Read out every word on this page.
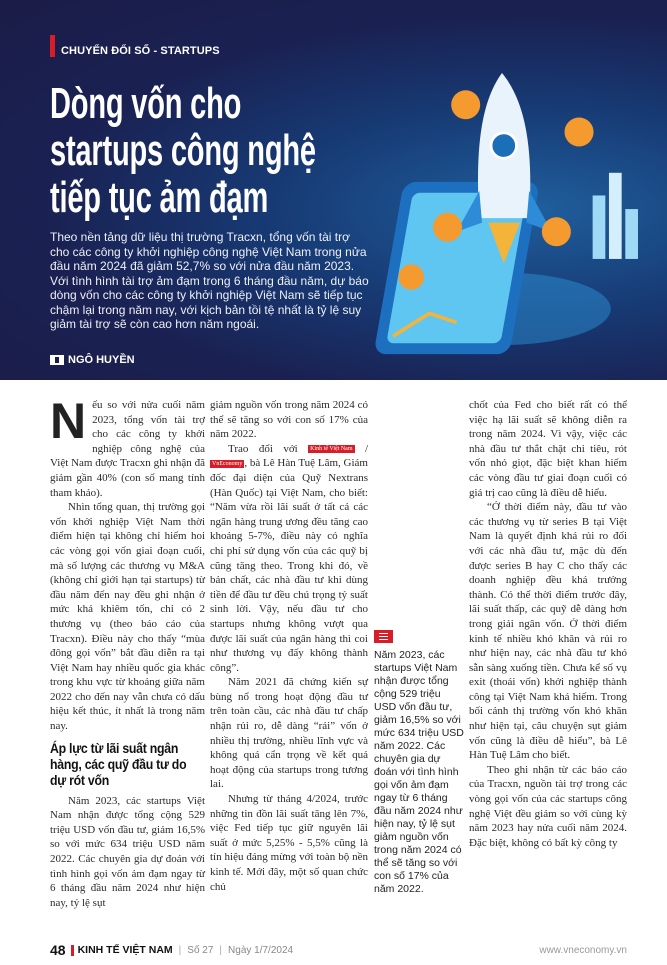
CHUYỂN ĐỔI SỐ - STARTUPS
Dòng vốn cho startups công nghệ tiếp tục ảm đạm

Theo nền tảng dữ liệu thị trường Tracxn, tổng vốn tài trợ cho các công ty khởi nghiệp công nghệ Việt Nam trong nửa đầu năm 2024 đã giảm 52,7% so với nửa đầu năm 2023. Với tình hình tài trợ ảm đạm trong 6 tháng đầu năm, dự báo dòng vốn cho các công ty khởi nghiệp Việt Nam sẽ tiếp tục chậm lại trong năm nay, với kịch bản tồi tệ nhất là tỷ lệ suy giảm tài trợ sẽ còn cao hơn năm ngoái.

NGÔ HUYỀN

Nếu so với nửa cuối năm 2023, tổng vốn tài trợ cho các công ty khởi nghiệp công nghệ của Việt Nam được Tracxn ghi nhận đã giảm gần 40% (con số mang tính tham khảo).

Nhìn tổng quan, thị trường gọi vốn khởi nghiệp Việt Nam thời điểm hiện tại không chỉ hiếm hoi các vòng gọi vốn giai đoạn cuối, mà số lượng các thương vụ M&A (không chỉ giới hạn tại startups) từ đầu năm đến nay đều ghi nhận ở mức khá khiêm tốn, chỉ có 2 thương vụ (theo báo cáo của Tracxn). Điều này cho thấy “mùa đông gọi vốn” bắt đầu diễn ra tại Việt Nam hay nhiều quốc gia khác trong khu vực từ khoảng giữa năm 2022 cho đến nay vẫn chưa có dấu hiệu kết thúc, ít nhất là trong năm nay.

Áp lực từ lãi suất ngân hàng, các quỹ đầu tư do dự rót vốn

Năm 2023, các startups Việt Nam nhận được tổng cộng 529 triệu USD vốn đầu tư, giảm 16,5% so với mức 634 triệu USD năm 2022. Các chuyên gia dự đoán với tình hình gọi vốn ảm đạm ngay từ 6 tháng đầu năm 2024 như hiện nay, tỷ lệ sụt

giảm nguồn vốn trong năm 2024 có thể sẽ tăng so với con số 17% của năm 2022.

Trao đổi với Kinh tế Việt Nam / VnEconomy , bà Lê Hàn Tuệ Lâm, Giám đốc đại diện của Quỹ Nextrans (Hàn Quốc) tại Việt Nam, cho biết: “Năm vừa rồi lãi suất ở tất cả các ngân hàng trung ương đều tăng cao khoảng 5-7%, điều này có nghĩa chi phí sử dụng vốn của các quỹ bị cũng tăng theo. Trong khi đó, về bản chất, các nhà đầu tư khi dùng tiền để đầu tư đều chú trọng tỷ suất sinh lời. Vậy, nếu đầu tư cho startups nhưng không vượt qua được lãi suất của ngân hàng thì coi như thương vụ đấy không thành công”.

Năm 2021 đã chứng kiến sự bùng nổ trong hoạt động đầu tư trên toàn cầu, các nhà đầu tư chấp nhận rủi ro, dễ dàng “rải” vốn ở nhiều thị trường, nhiều lĩnh vực và không quá cẩn trọng về kết quả hoạt động của startups trong tương lai.

Nhưng từ tháng 4/2024, trước những tin đồn lãi suất tăng lên 7%, việc Fed tiếp tục giữ nguyên lãi suất ở mức 5,25% - 5,5% cũng là tín hiệu đáng mừng với toàn bộ nền kinh tế. Mới đây, một số quan chức chủ

Năm 2023, các startups Việt Nam nhận được tổng cộng 529 triệu USD vốn đầu tư, giảm 16,5% so với mức 634 triệu USD năm 2022. Các chuyên gia dự đoán với tình hình gọi vốn ảm đạm ngay từ 6 tháng đầu năm 2024 như hiện nay, tỷ lệ sụt giảm nguồn vốn trong năm 2024 có thể sẽ tăng so với con số 17% của năm 2022.

chốt của Fed cho biết rất có thể việc hạ lãi suất sẽ không diễn ra trong năm 2024. Vì vậy, việc các nhà đầu tư thắt chặt chi tiêu, rót vốn nhỏ giọt, đặc biệt khan hiếm các vòng đầu tư giai đoạn cuối có giá trị cao cũng là điều dễ hiểu.

“Ở thời điểm này, đầu tư vào các thương vụ từ series B tại Việt Nam là quyết định khá rủi ro đối với các nhà đầu tư, mặc dù đến được series B hay C cho thấy các doanh nghiệp đều khá trưởng thành. Có thể thời điểm trước đây, lãi suất thấp, các quỹ dễ dàng hơn trong giải ngân vốn. Ở thời điểm kinh tế nhiều khó khăn và rủi ro như hiện nay, các nhà đầu tư khó sẵn sàng xuống tiền. Chưa kể số vụ exit (thoái vốn) khởi nghiệp thành công tại Việt Nam khá hiếm. Trong bối cảnh thị trường vốn khó khăn như hiện tại, câu chuyện sụt giảm vốn cũng là điều dễ hiểu”, bà Lê Hàn Tuệ Lâm cho biết.

Theo ghi nhận từ các báo cáo của Tracxn, nguồn tài trợ trong các vòng gọi vốn của các startups công nghệ Việt đều giảm so với cùng kỳ năm 2023 hay nửa cuối năm 2024. Đặc biệt, không có bất kỳ công ty

48 KINH TẾ VIỆT NAM | Số 27 | Ngày 1/7/2024	www.vneconomy.vn
